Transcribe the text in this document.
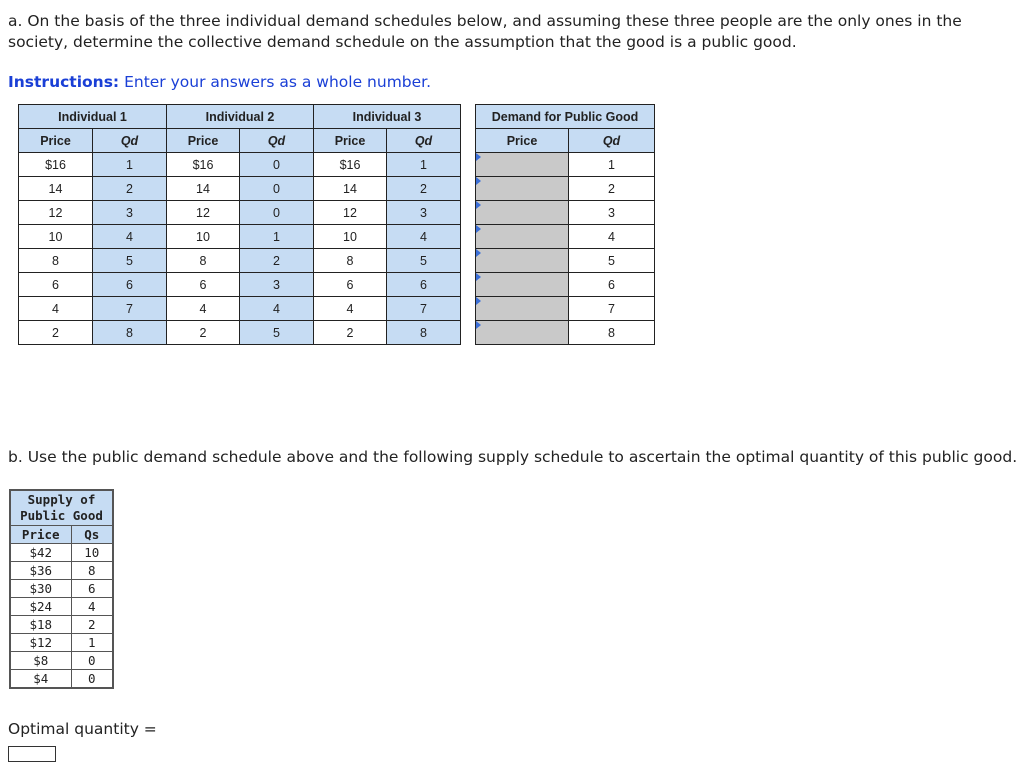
a. On the basis of the three individual demand schedules below, and assuming these three people are the only ones in the society, determine the collective demand schedule on the assumption that the good is a public good.

Instructions: Enter your answers as a whole number.

Individual 1	
Price	Qd
$16	1
14	2
12	3
10	4
8	5
6	6
4	7
2	8
Individual 2	
Price	Qd
$16	0
14	0
12	0
10	1
8	2
6	3
4	4
2	5
Individual 3	
Price	Qd
$16	1
14	2
12	3
10	4
8	5
6	6
4	7
2	8
Demand for Public Good	
Price	Qd

	1

	2

	3

	4

	5

	6

	7

	8

b. Use the public demand schedule above and the following supply schedule to ascertain the optimal quantity of this public good.

Supply of
Public Good	
Price	Qs
$42	10
$36	8
$30	6
$24	4
$18	2
$12	1
$8	0
$4	0

Optimal quantity =
